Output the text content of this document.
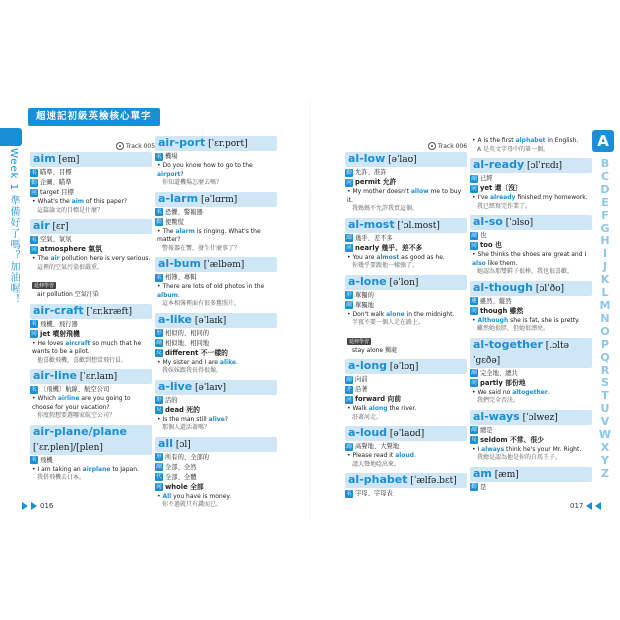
Week 1 準備好了嗎？加油喔！
超速記初級英檢核心單字
Track 005	Track 006
aim [em]
名 瞄準、目標
動 企圖、瞄準
同 target 目標
• What's the aim of this paper?
這篇論文的目標是什麼？
air [ɛr]
名 空氣、氣氛
同 atmosphere 氣氛
• The air pollution here is very serious.
這裡的空氣污染很嚴重。
延伸學習
air pollution 空氣汙染
air-craft [ˈɛr.kræft]
名 飛機、飛行器
同 jet 噴射飛機
• He loves aircraft so much that he wants to be a pilot.
他喜歡飛機，喜歡到想當飛行員。
air-line [ˈɛr.laɪn]
名 〔飛機〕航線、航空公司
• Which airline are you going to choose for your vacation?
你度假想要選哪家航空公司？
air-plane/plane [ˈɛr.plen]/[plen]
名 飛機
• I am taking an airplane to Japan.
我搭飛機去日本。
air-port [ˈɛr.port]
名 機場
• Do you know how to go to the airport?
你知道機場怎麼去嗎？
a-larm [əˈlɑrm]
名 恐懼、警報器
動 使驚慌
• The alarm is ringing. What's the matter?
警報器在響，發生什麼事了？
al-bum [ˈælbəm]
名 相簿、專輯
• There are lots of old photos in the album.
這本相簿裡面有很多舊照片。
a-like [əˈlaɪk]
形 相似的、相同的
副 相似地、相同地
反 different 不一樣的
• My sister and I are alike.
我妹妹跟我長得很像。
a-live [əˈlaɪv]
形 活的
反 dead 死的
• Is the man still alive?
那個人還活著嗎？
all [ɔl]
形 所有的、全部的
副 全部、全然
代 全部、全體
同 whole 全部
• All you have is money.
你不過就只有錢而已。
al-low [əˈlaʊ]
動 允許、准許
同 permit 允許
• My mother doesn't allow me to buy it.
我媽媽不允許我買這個。
al-most [ˈɔl.most]
副 幾乎、差不多
同 nearly 幾乎、差不多
• You are almost as good as he.
你幾乎要跟他一樣強了。
a-lone [əˈlon]
形 單獨的
副 單獨地
• Don't walk alone in the midnight.
半夜不要一個人走在路上。
延伸學習
stay alone 獨處
a-long [əˈlɔŋ]
副 向前
介 沿著
同 forward 向前
• Walk along the river.
沿著河走。
a-loud [əˈlaʊd]
副 高聲地、大聲地
• Please read it aloud.
請大聲地唸出來。
al-phabet [ˈælfə.bɛt]
名 字母、字母表
• A is the first alphabet in English.
A 是英文字母中的第一個。
al-ready [ɔlˈrɛdɪ]
副 已經
同 yet 還〔沒〕
• I've already finished my homework.
我已經寫完作業了。
al-so [ˈɔlso]
副 也
同 too 也
• She thinks the shoes are great and I also like them.
她認為那雙鞋子很棒，我也很喜歡。
al-though [ɔlˈðo]
連 雖然、縱然
同 though 雖然
• Although she is fat, she is pretty.
雖然她很胖，但她很漂亮。
al-together [.ɔltəˈgɛðə]
副 完全地、總共
同 partly 部份地
• We said no altogether.
我們完全否決。
al-ways [ˈɔlwez]
副 總是
反 seldom 不常、很少
• I always think he's your Mr. Right.
我總是認為他是你的白馬王子。
am [æm]
動 是
A
B
C
D
E
F
G
H
I
J
K
L
M
N
O
P
Q
R
S
T
U
V
W
X
Y
Z
016	017
